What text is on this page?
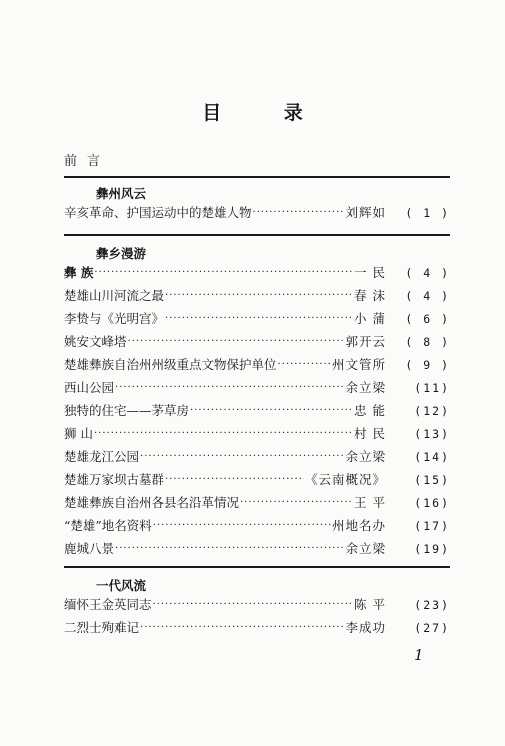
目 录
前言
彝州风云
辛亥革命、护国运动中的楚雄人物 ·····	刘辉如	( 1 )
彝乡漫游
彝 族 ·····	一 民	( 4 )
楚雄山川河流之最 ·····	春 沫	( 4 )
李贽与《光明宫》 ·····	小 蒲	( 6 )
姚安文峰塔 ·····	郭开云	( 8 )
楚雄彝族自治州州级重点文物保护单位 ·····	州文管所	( 9 )
西山公园 ·····	余立梁	(11)
独特的住宅——茅草房 ·····	忠 能	(12)
狮 山 ·····	村 民	(13)
楚雄龙江公园 ·····	余立梁	(14)
楚雄万家坝古墓群 ·····	《云南概况》	(15)
楚雄彝族自治州各县名沿革情况 ·····	王 平	(16)
“楚雄”地名资料 ·····	州地名办	(17)
鹿城八景 ·····	余立梁	(19)
一代风流
缅怀王金英同志 ·····	陈 平	(23)
二烈士殉难记 ·····	李成功	(27)
1
